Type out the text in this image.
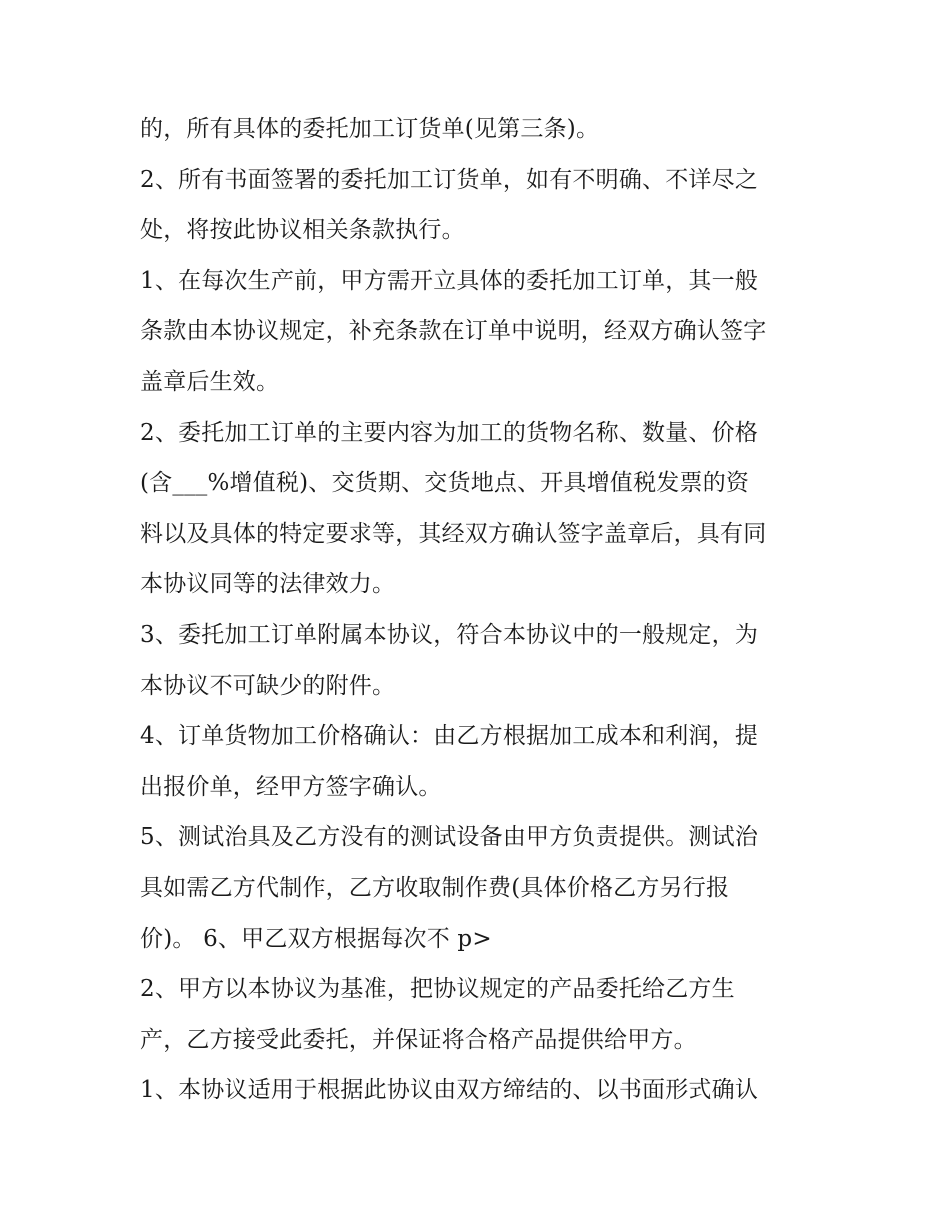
的，所有具体的委托加工订货单(见第三条)。
2、所有书面签署的委托加工订货单，如有不明确、不详尽之
处，将按此协议相关条款执行。
1、在每次生产前，甲方需开立具体的委托加工订单，其一般
条款由本协议规定，补充条款在订单中说明，经双方确认签字
盖章后生效。
2、委托加工订单的主要内容为加工的货物名称、数量、价格
(含___%增值税)、交货期、交货地点、开具增值税发票的资
料以及具体的特定要求等，其经双方确认签字盖章后，具有同
本协议同等的法律效力。
3、委托加工订单附属本协议，符合本协议中的一般规定，为
本协议不可缺少的附件。
4、订单货物加工价格确认：由乙方根据加工成本和利润，提
出报价单，经甲方签字确认。
5、测试治具及乙方没有的测试设备由甲方负责提供。测试治
具如需乙方代制作，乙方收取制作费(具体价格乙方另行报
价)。 6、甲乙双方根据每次不 p>
2、甲方以本协议为基准，把协议规定的产品委托给乙方生
产，乙方接受此委托，并保证将合格产品提供给甲方。
1、本协议适用于根据此协议由双方缔结的、以书面形式确认
